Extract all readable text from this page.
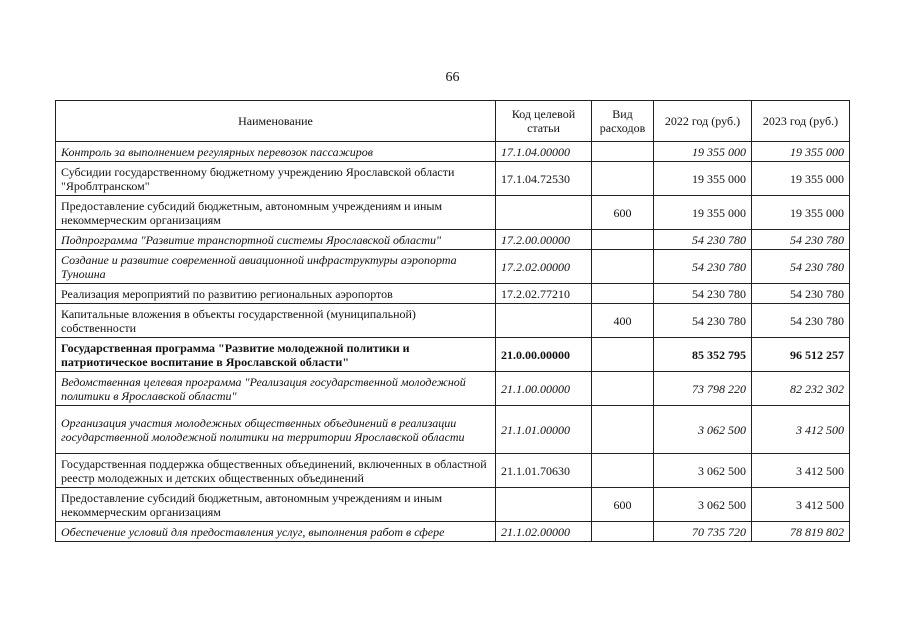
66
Наименование	Код целевой статьи	Вид расходов	2022 год (руб.)	2023 год (руб.)
Контроль за выполнением регулярных перевозок пассажиров	17.1.04.00000		19 355 000	19 355 000
Субсидии государственному бюджетному учреждению Ярославской области "Яроблтранском"	17.1.04.72530		19 355 000	19 355 000
Предоставление субсидий бюджетным, автономным учреждениям и иным некоммерческим организациям		600	19 355 000	19 355 000
Подпрограмма "Развитие транспортной системы Ярославской области"	17.2.00.00000		54 230 780	54 230 780
Создание и развитие современной авиационной инфраструктуры аэропорта Туношна	17.2.02.00000		54 230 780	54 230 780
Реализация мероприятий по развитию региональных аэропортов	17.2.02.77210		54 230 780	54 230 780
Капитальные вложения в объекты государственной (муниципальной) собственности		400	54 230 780	54 230 780
Государственная программа "Развитие молодежной политики и патриотическое воспитание в Ярославской области"	21.0.00.00000		85 352 795	96 512 257
Ведомственная целевая программа "Реализация государственной молодежной политики в Ярославской области"	21.1.00.00000		73 798 220	82 232 302
Организация участия молодежных общественных объединений в реализации государственной молодежной политики на территории Ярославской области	21.1.01.00000		3 062 500	3 412 500
Государственная поддержка общественных объединений, включенных в областной реестр молодежных и детских общественных объединений	21.1.01.70630		3 062 500	3 412 500
Предоставление субсидий бюджетным, автономным учреждениям и иным некоммерческим организациям		600	3 062 500	3 412 500
Обеспечение условий для предоставления услуг, выполнения работ в сфере	21.1.02.00000		70 735 720	78 819 802
